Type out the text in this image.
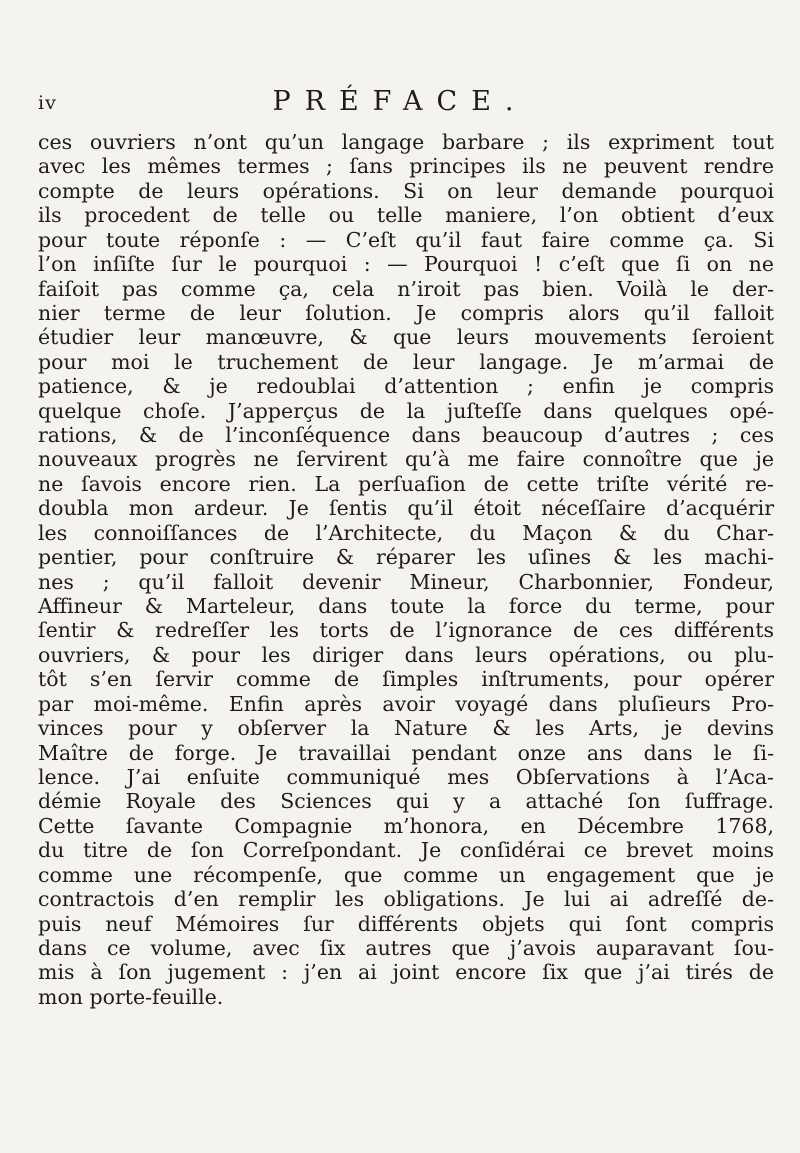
iv	PRÉFACE.
ces ouvriers n’ont qu’un langage barbare ; ils expriment tout
avec les mêmes termes ; ſans principes ils ne peuvent rendre
compte de leurs opérations. Si on leur demande pourquoi
ils procedent de telle ou telle maniere, l’on obtient d’eux
pour toute réponſe : — C’eſt qu’il faut faire comme ça. Si
l’on inſiſte ſur le pourquoi : — Pourquoi ! c’eſt que ſi on ne
faiſoit pas comme ça, cela n’iroit pas bien. Voilà le der-
nier terme de leur ſolution. Je compris alors qu’il falloit
étudier leur manœuvre, & que leurs mouvements ſeroient
pour moi le truchement de leur langage. Je m’armai de
patience, & je redoublai d’attention ; enfin je compris
quelque choſe. J’apperçus de la juſteſſe dans quelques opé-
rations, & de l’inconſéquence dans beaucoup d’autres ; ces
nouveaux progrès ne ſervirent qu’à me faire connoître que je
ne ſavois encore rien. La perſuaſion de cette triſte vérité re-
doubla mon ardeur. Je ſentis qu’il étoit néceſſaire d’acquérir
les connoiſſances de l’Architecte, du Maçon & du Char-
pentier, pour conſtruire & réparer les uſines & les machi-
nes ; qu’il falloit devenir Mineur, Charbonnier, Fondeur,
Affineur & Marteleur, dans toute la force du terme, pour
ſentir & redreſſer les torts de l’ignorance de ces différents
ouvriers, & pour les diriger dans leurs opérations, ou plu-
tôt s’en ſervir comme de ſimples inſtruments, pour opérer
par moi-même. Enfin après avoir voyagé dans pluſieurs Pro-
vinces pour y obſerver la Nature & les Arts, je devins
Maître de forge. Je travaillai pendant onze ans dans le ſi-
lence. J’ai enſuite communiqué mes Obſervations à l’Aca-
démie Royale des Sciences qui y a attaché ſon ſuffrage.
Cette ſavante Compagnie m’honora, en Décembre 1768,
du titre de ſon Correſpondant. Je conſidérai ce brevet moins
comme une récompenſe, que comme un engagement que je
contractois d’en remplir les obligations. Je lui ai adreſſé de-
puis neuf Mémoires ſur différents objets qui ſont compris
dans ce volume, avec ſix autres que j’avois auparavant ſou-
mis à ſon jugement : j’en ai joint encore ſix que j’ai tirés de
mon porte-feuille.
